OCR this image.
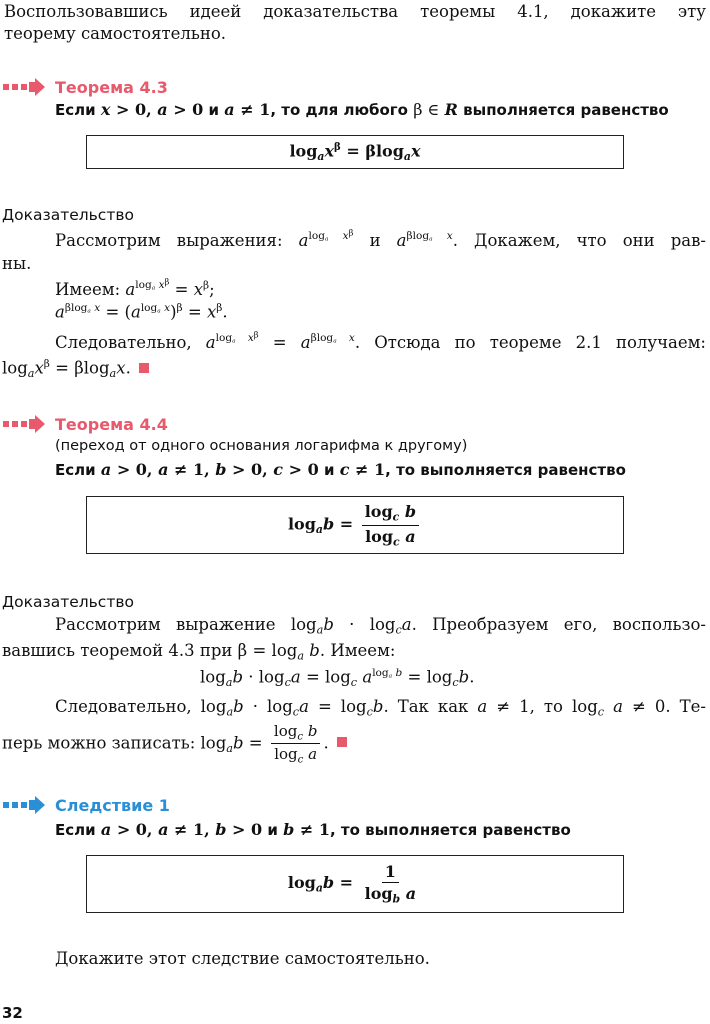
Воспользовавшись идеей доказательства теоремы 4.1, докажите эту
теорему самостоятельно.
Теорема 4.3
Если x > 0, a > 0 и a ≠ 1, то для любого β ∈ R выполняется равенство
$\log_ax^\beta = \beta\log_ax$
Доказательство
Рассмотрим выражения: $a^{loga x^\beta}$ и $a^{\beta loga x}$. Докажем, что они рав-
ны.
Имеем: $a^{loga x^\beta} = x^\beta$;
$a^{\beta loga x} = (a^{loga x})^\beta = x^\beta$.
Следовательно, $a^{loga x^\beta} = a^{\beta loga x}$. Отсюда по теореме 2.1 получаем:
$\log_ax^\beta = \beta\log_ax$.
Теорема 4.4
(переход от одного основания логарифма к другому)
Если a > 0, a ≠ 1, b > 0, c > 0 и c ≠ 1, то выполняется равенство
$\log_ab = \frac{\log_c b}{\log_c a}$
Доказательство
Рассмотрим выражение $\log_ab \cdot \log_ca$. Преобразуем его, воспользо-
вавшись теоремой 4.3 при $\beta = \log_a b$. Имеем:
$\log_ab \cdot \log_ca = \log_c a^{loga b} = \log_cb$.
Следовательно, $\log_ab \cdot \log_ca = \log_cb$. Так как a ≠ 1, то $\log_c a \ne 0$. Те-
перь можно записать: $\log_ab = \frac{\log_c b}{\log_c a}$ .
Следствие 1
Если a > 0, a ≠ 1, b > 0 и b ≠ 1, то выполняется равенство
$\log_ab = \frac{1}{\log_b a}$
Докажите этот следствие самостоятельно.
32
